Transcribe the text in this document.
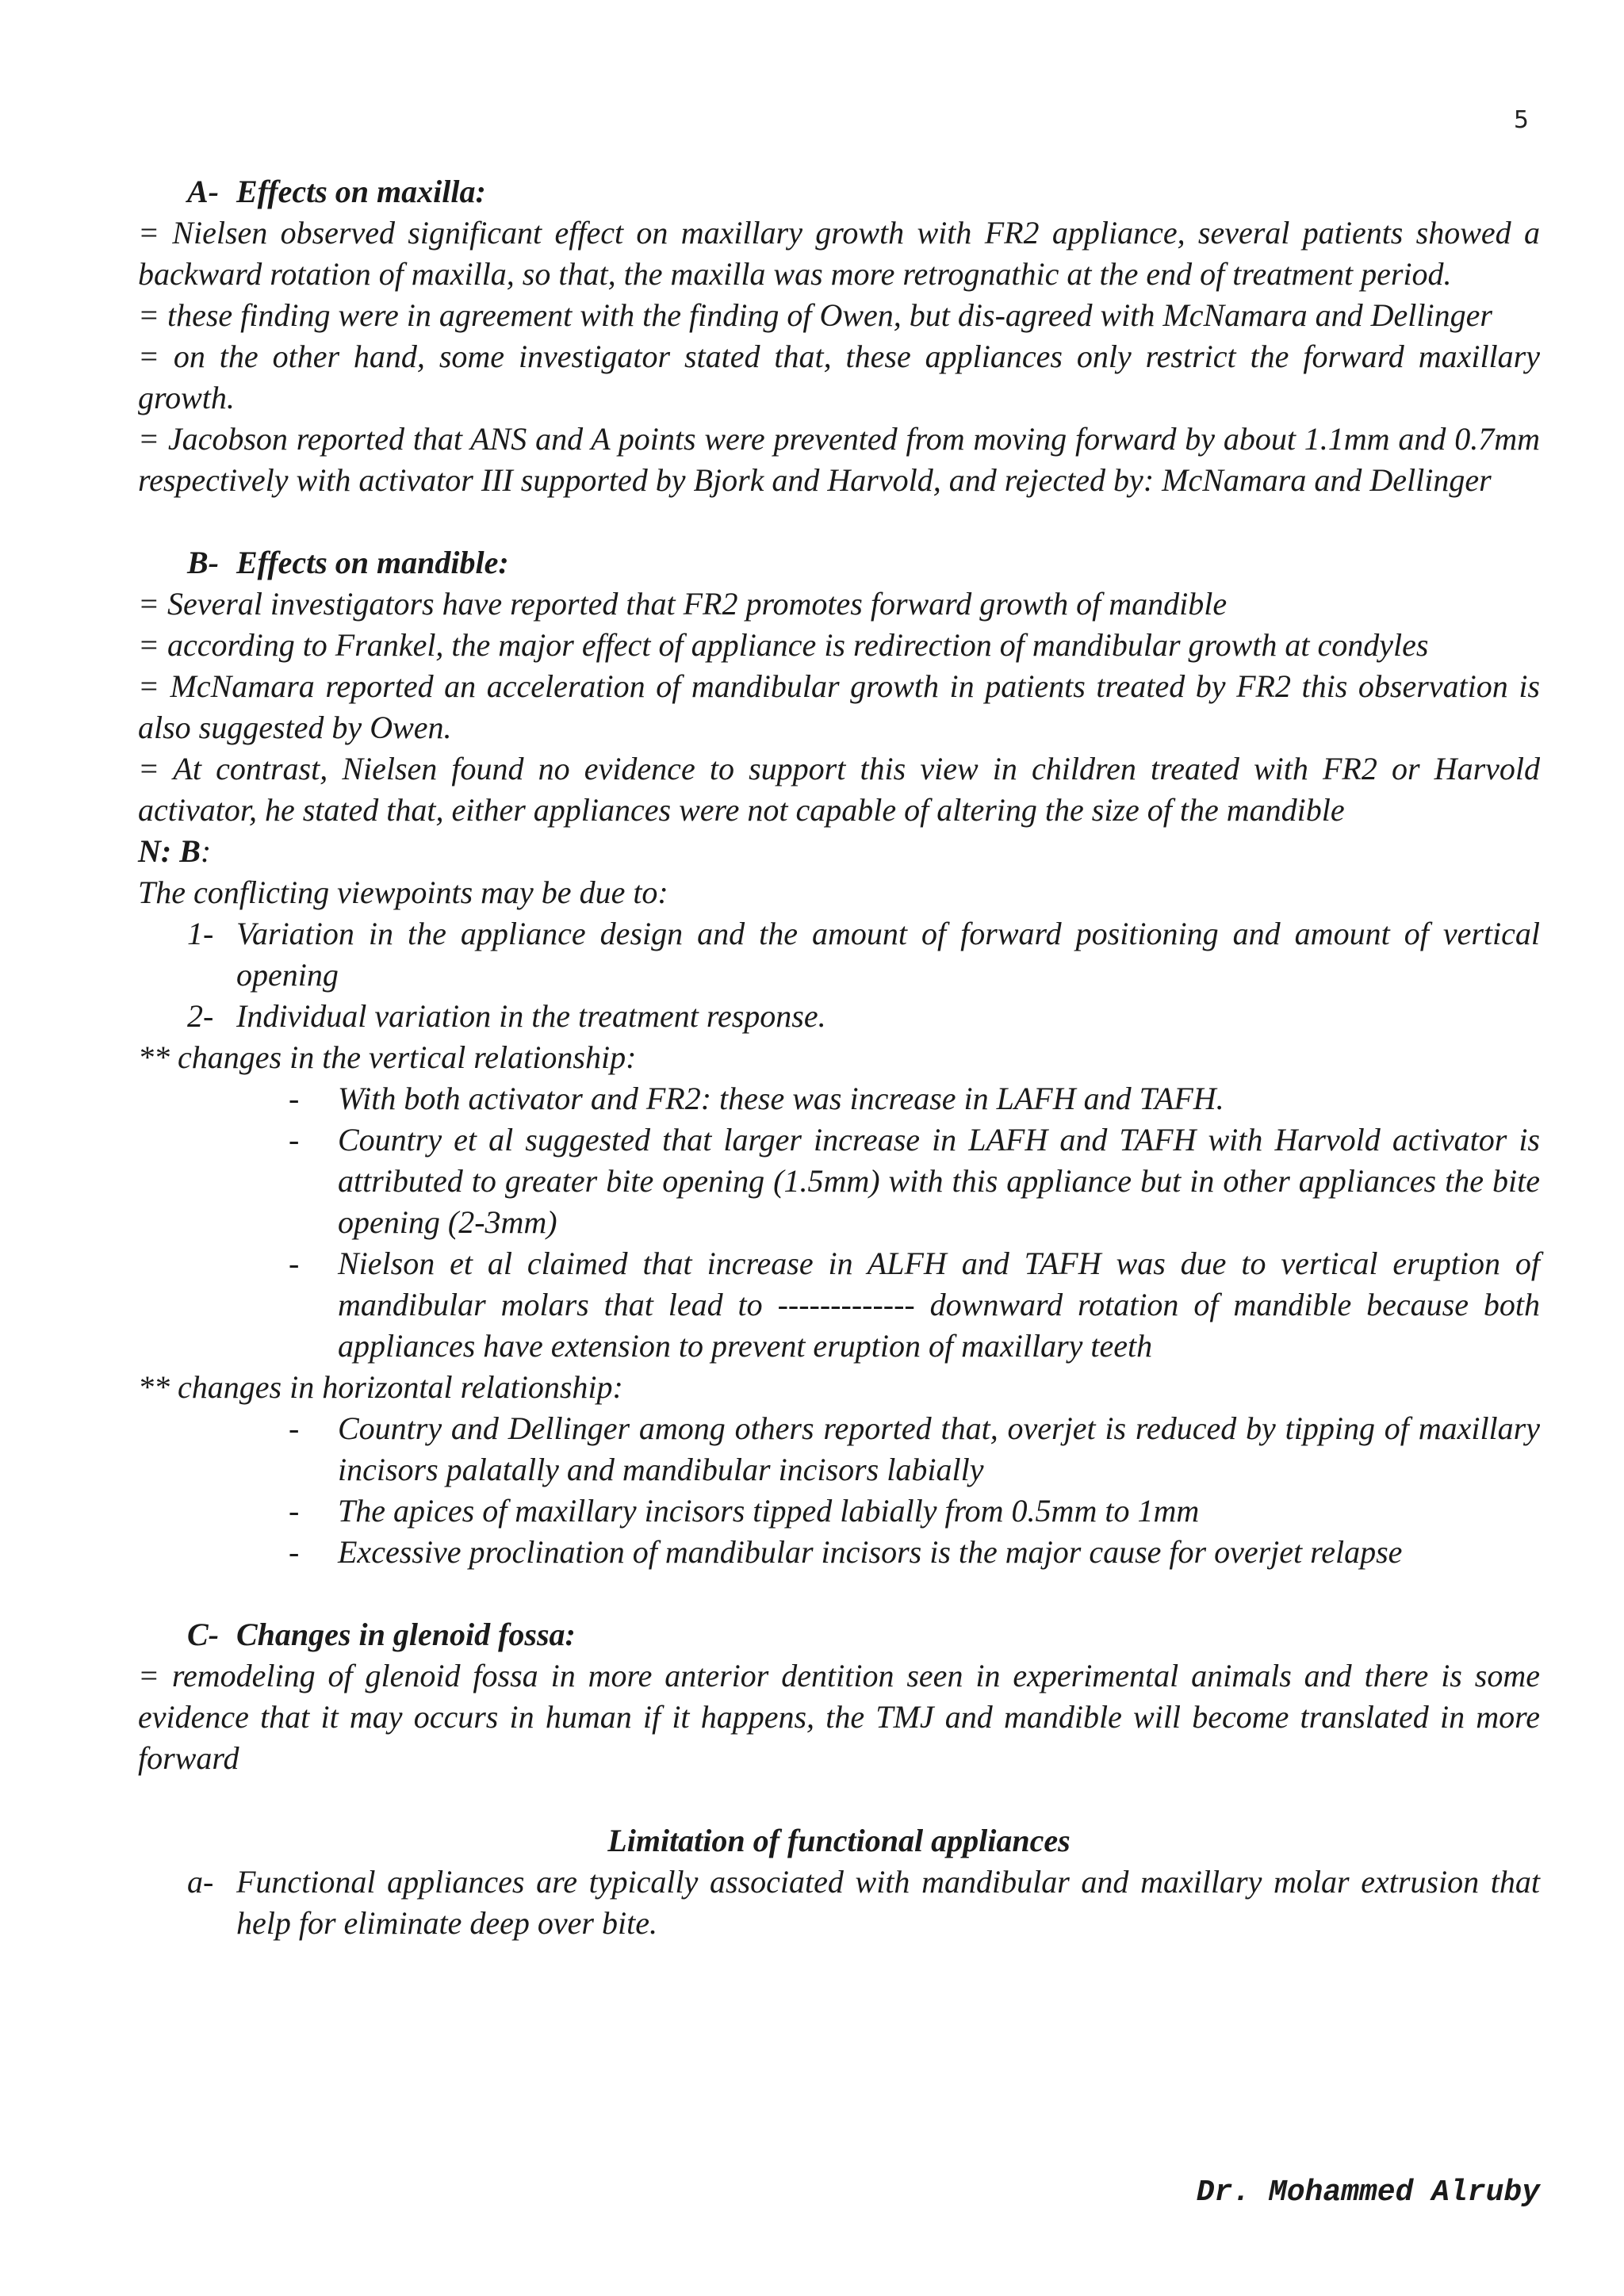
5

A- Effects on maxilla:

= Nielsen observed significant effect on maxillary growth with FR2 appliance, several patients showed a backward rotation of maxilla, so that, the maxilla was more retrognathic at the end of treatment period.

= these finding were in agreement with the finding of Owen, but dis-agreed with McNamara and Dellinger

= on the other hand, some investigator stated that, these appliances only restrict the forward maxillary growth.

= Jacobson reported that ANS and A points were prevented from moving forward by about 1.1mm and 0.7mm respectively with activator III supported by Bjork and Harvold, and rejected by: McNamara and Dellinger

B- Effects on mandible:

= Several investigators have reported that FR2 promotes forward growth of mandible

= according to Frankel, the major effect of appliance is redirection of mandibular growth at condyles

= McNamara reported an acceleration of mandibular growth in patients treated by FR2 this observation is also suggested by Owen.

= At contrast, Nielsen found no evidence to support this view in children treated with FR2 or Harvold activator, he stated that, either appliances were not capable of altering the size of the mandible

N: B:

The conflicting viewpoints may be due to:

1- Variation in the appliance design and the amount of forward positioning and amount of vertical opening
2- Individual variation in the treatment response.

** changes in the vertical relationship:

-	With both activator and FR2: these was increase in LAFH and TAFH.
-	Country et al suggested that larger increase in LAFH and TAFH with Harvold activator is attributed to greater bite opening (1.5mm) with this appliance but in other appliances the bite opening (2-3mm)
-	Nielson et al claimed that increase in ALFH and TAFH was due to vertical eruption of mandibular molars that lead to ------------- downward rotation of mandible because both appliances have extension to prevent eruption of maxillary teeth

** changes in horizontal relationship:

-	Country and Dellinger among others reported that, overjet is reduced by tipping of maxillary incisors palatally and mandibular incisors labially
-	The apices of maxillary incisors tipped labially from 0.5mm to 1mm
-	Excessive proclination of mandibular incisors is the major cause for overjet relapse

C- Changes in glenoid fossa:

= remodeling of glenoid fossa in more anterior dentition seen in experimental animals and there is some evidence that it may occurs in human if it happens, the TMJ and mandible will become translated in more forward

Limitation of functional appliances

a- Functional appliances are typically associated with mandibular and maxillary molar extrusion that help for eliminate deep over bite.
Dr. Mohammed Alruby
